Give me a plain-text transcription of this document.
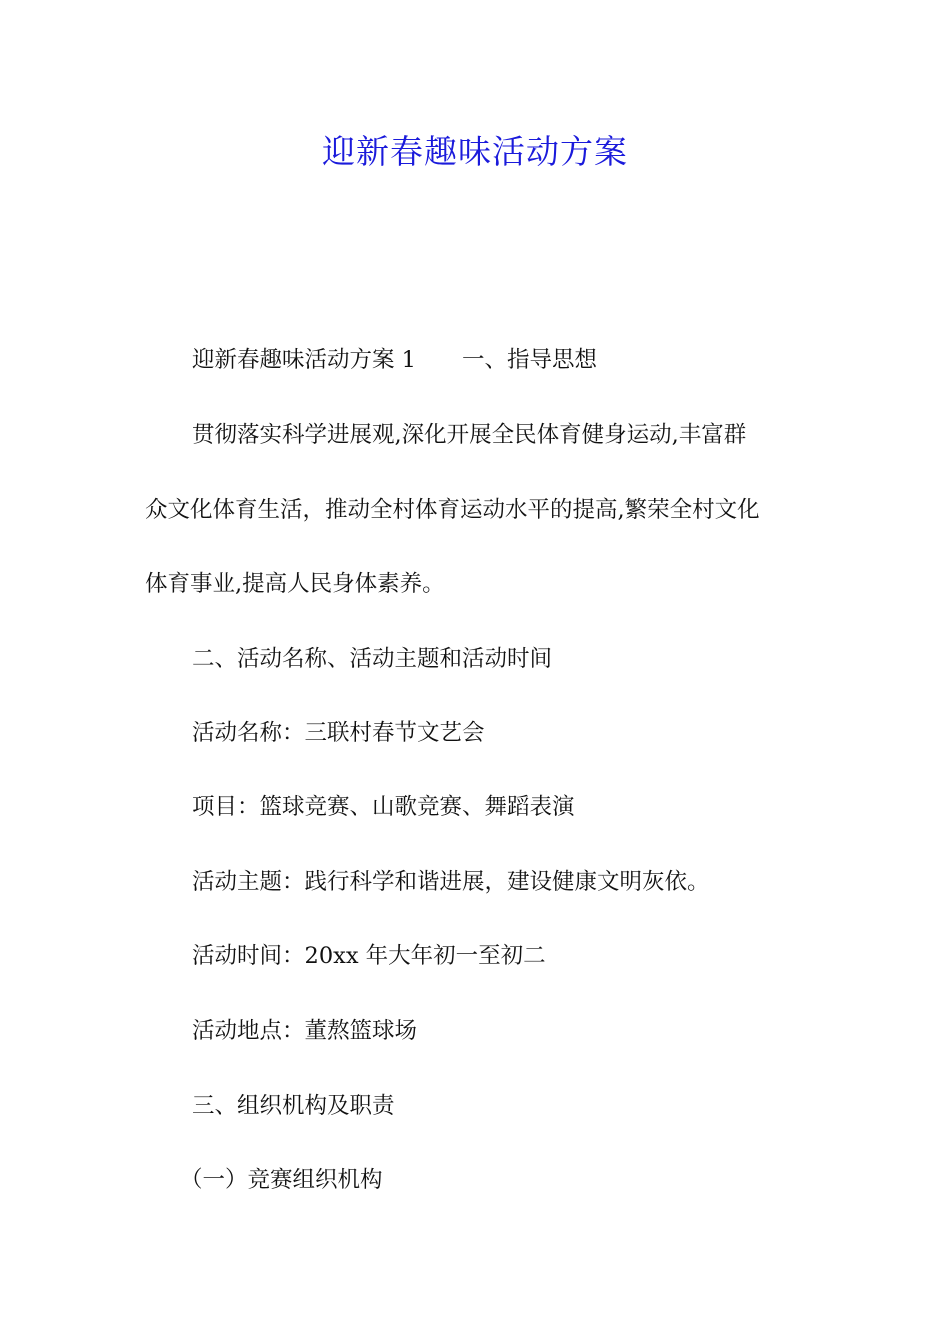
迎新春趣味活动方案

迎新春趣味活动方案 1 一、指导思想

贯彻落实科学进展观,深化开展全民体育健身运动,丰富群

众文化体育生活，推动全村体育运动水平的提高,繁荣全村文化

体育事业,提高人民身体素养。

二、活动名称、活动主题和活动时间

活动名称：三联村春节文艺会

项目：篮球竞赛、山歌竞赛、舞蹈表演

活动主题：践行科学和谐进展，建设健康文明灰依。

活动时间：20xx 年大年初一至初二

活动地点：董熬篮球场

三、组织机构及职责

（一）竞赛组织机构
